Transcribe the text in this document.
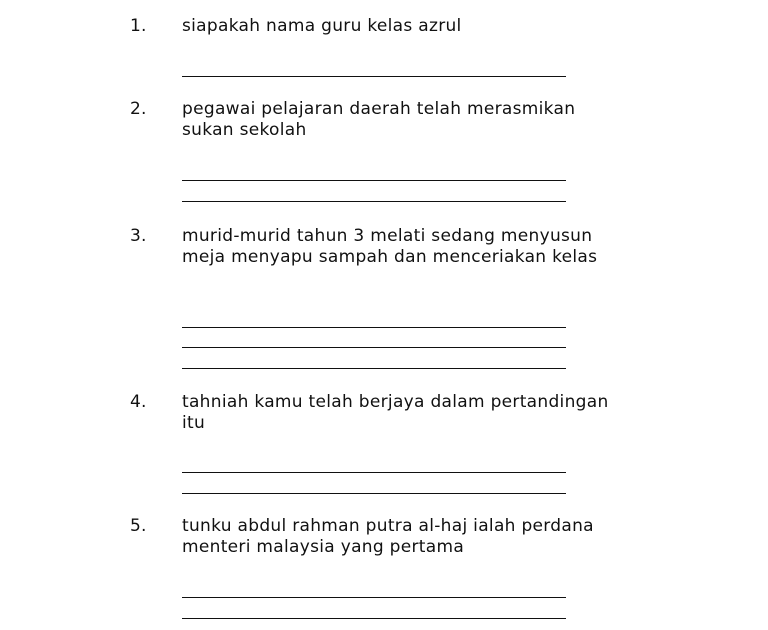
1. siapakah nama guru kelas azrul
2. pegawai pelajaran daerah telah merasmikan sukan sekolah
3. murid-murid tahun 3 melati sedang menyusun meja menyapu sampah dan menceriakan kelas
4. tahniah kamu telah berjaya dalam pertandingan itu
5. tunku abdul rahman putra al-haj ialah perdana menteri malaysia yang pertama
